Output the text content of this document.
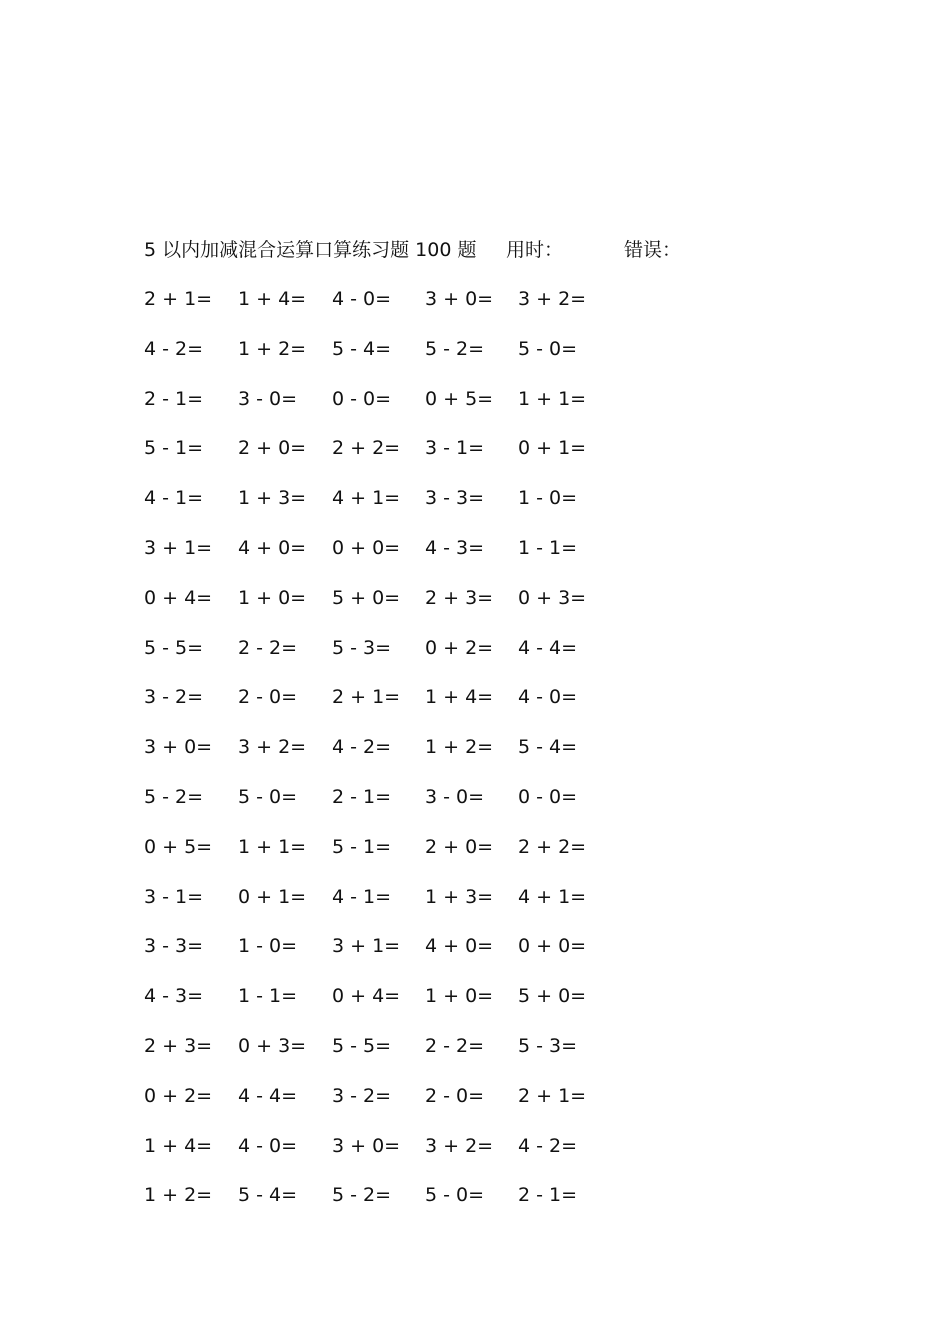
5 以内加减混合运算口算练习题 100 题 用时：	错误：
2 + 1= 1 + 4= 4 - 0= 3 + 0= 3 + 2=
4 - 2= 1 + 2= 5 - 4= 5 - 2= 5 - 0=
2 - 1= 3 - 0= 0 - 0= 0 + 5= 1 + 1=
5 - 1= 2 + 0= 2 + 2= 3 - 1= 0 + 1=
4 - 1= 1 + 3= 4 + 1= 3 - 3= 1 - 0=
3 + 1= 4 + 0= 0 + 0= 4 - 3= 1 - 1=
0 + 4= 1 + 0= 5 + 0= 2 + 3= 0 + 3=
5 - 5= 2 - 2= 5 - 3= 0 + 2= 4 - 4=
3 - 2= 2 - 0= 2 + 1= 1 + 4= 4 - 0=
3 + 0= 3 + 2= 4 - 2= 1 + 2= 5 - 4=
5 - 2= 5 - 0= 2 - 1= 3 - 0= 0 - 0=
0 + 5= 1 + 1= 5 - 1= 2 + 0= 2 + 2=
3 - 1= 0 + 1= 4 - 1= 1 + 3= 4 + 1=
3 - 3= 1 - 0= 3 + 1= 4 + 0= 0 + 0=
4 - 3= 1 - 1= 0 + 4= 1 + 0= 5 + 0=
2 + 3= 0 + 3= 5 - 5= 2 - 2= 5 - 3=
0 + 2= 4 - 4= 3 - 2= 2 - 0= 2 + 1=
1 + 4= 4 - 0= 3 + 0= 3 + 2= 4 - 2=
1 + 2= 5 - 4= 5 - 2= 5 - 0= 2 - 1=
